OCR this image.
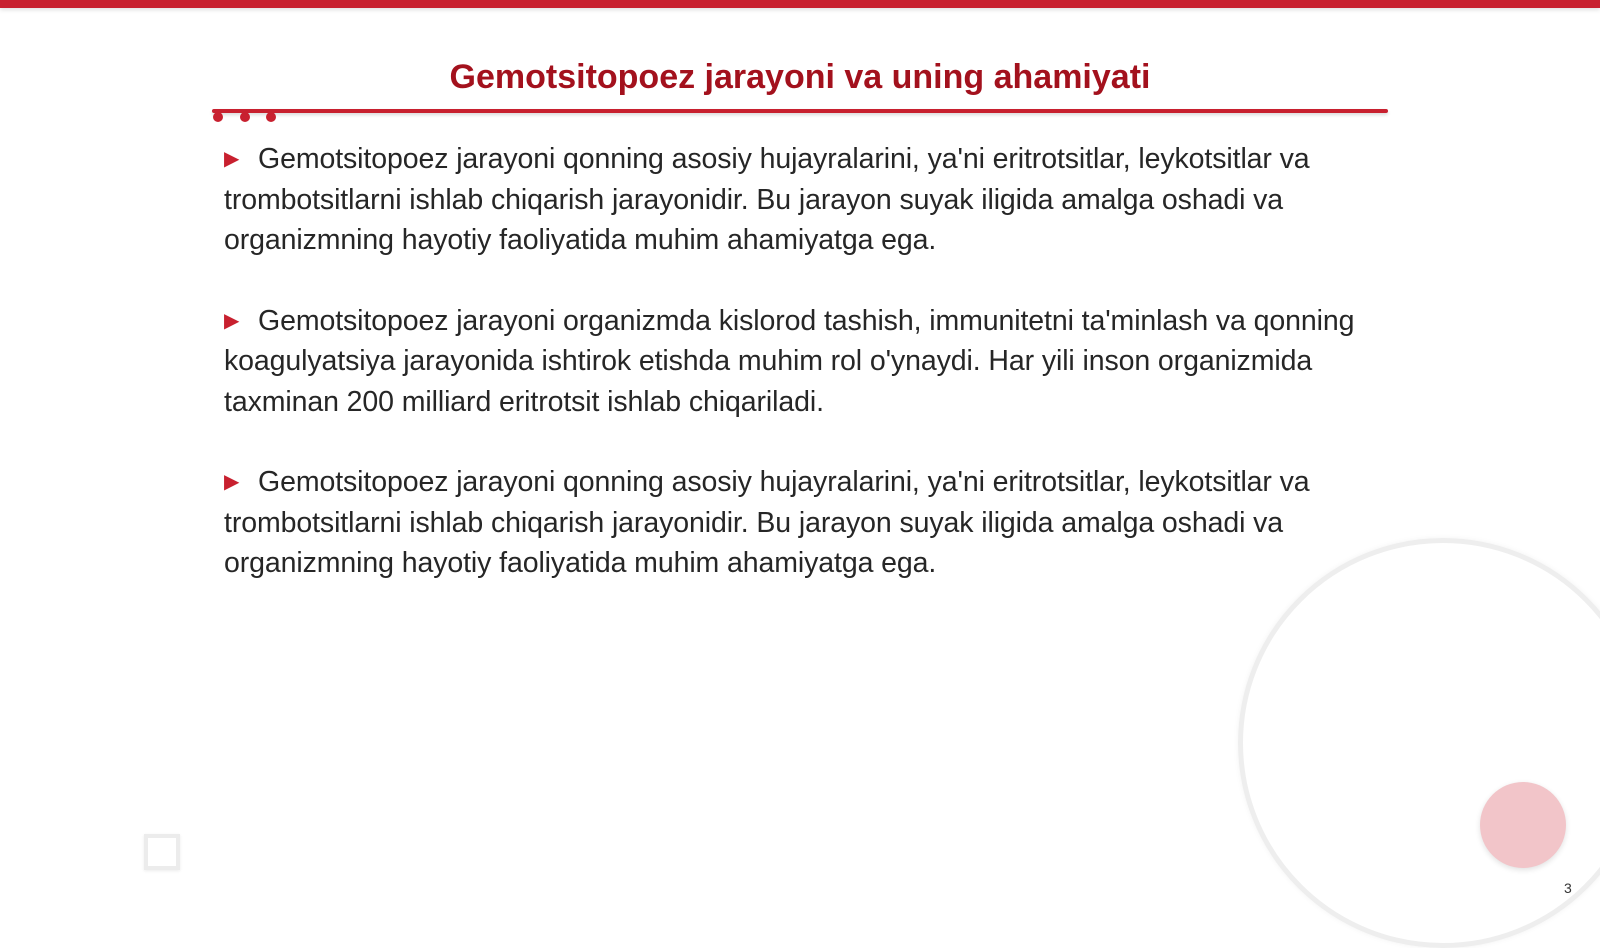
Gemotsitopoez jarayoni va uning ahamiyati

▶ Gemotsitopoez jarayoni qonning asosiy hujayralarini, ya'ni eritrotsitlar, leykotsitlar va trombotsitlarni ishlab chiqarish jarayonidir. Bu jarayon suyak iligida amalga oshadi va organizmning hayotiy faoliyatida muhim ahamiyatga ega.

▶ Gemotsitopoez jarayoni organizmda kislorod tashish, immunitetni ta'minlash va qonning koagulyatsiya jarayonida ishtirok etishda muhim rol o'ynaydi. Har yili inson organizmida taxminan 200 milliard eritrotsit ishlab chiqariladi.

▶ Gemotsitopoez jarayoni qonning asosiy hujayralarini, ya'ni eritrotsitlar, leykotsitlar va trombotsitlarni ishlab chiqarish jarayonidir. Bu jarayon suyak iligida amalga oshadi va organizmning hayotiy faoliyatida muhim ahamiyatga ega.

3
